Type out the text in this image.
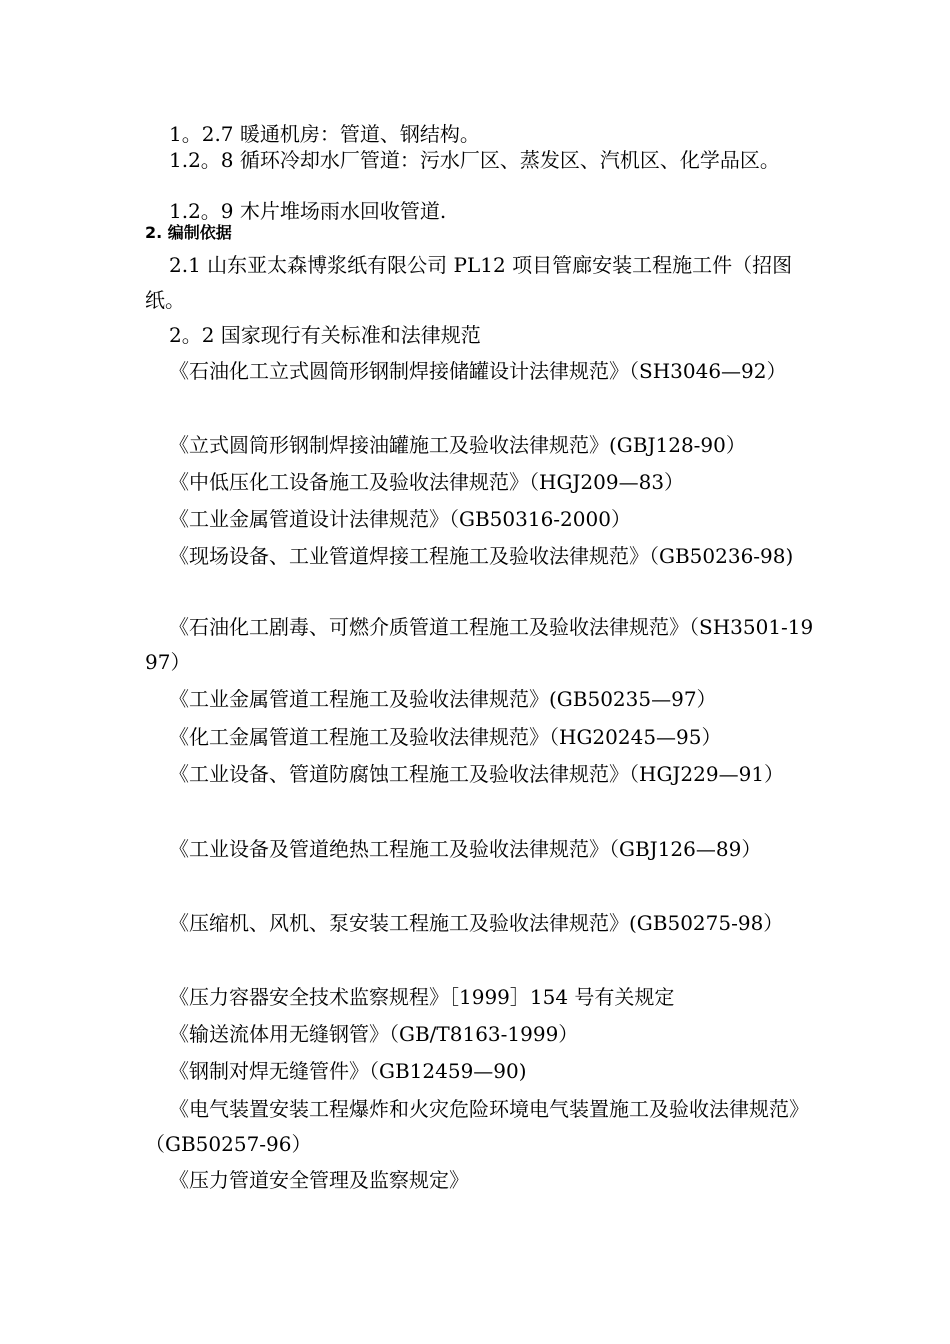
1。2.7 暖通机房：管道、钢结构。
1.2。8 循环冷却水厂管道：污水厂区、蒸发区、汽机区、化学品区。
1.2。9 木片堆场雨水回收管道.
2. 编制依据
2.1 山东亚太森博浆纸有限公司 PL12 项目管廊安装工程施工件（招图纸。
2。2 国家现行有关标准和法律规范
《石油化工立式圆筒形钢制焊接储罐设计法律规范》（SH3046—92）
《立式圆筒形钢制焊接油罐施工及验收法律规范》(GBJ128-90）
《中低压化工设备施工及验收法律规范》（HGJ209—83）
《工业金属管道设计法律规范》（GB50316-2000）
《现场设备、工业管道焊接工程施工及验收法律规范》（GB50236-98)
《石油化工剧毒、可燃介质管道工程施工及验收法律规范》（SH3501-1997）
《工业金属管道工程施工及验收法律规范》(GB50235—97）
《化工金属管道工程施工及验收法律规范》（HG20245—95）
《工业设备、管道防腐蚀工程施工及验收法律规范》（HGJ229—91）
《工业设备及管道绝热工程施工及验收法律规范》（GBJ126—89）
《压缩机、风机、泵安装工程施工及验收法律规范》(GB50275-98）
《压力容器安全技术监察规程》［1999］154 号有关规定
《输送流体用无缝钢管》（GB/T8163-1999）
《钢制对焊无缝管件》（GB12459—90)
《电气装置安装工程爆炸和火灾危险环境电气装置施工及验收法律规范》（GB50257-96）
《压力管道安全管理及监察规定》
